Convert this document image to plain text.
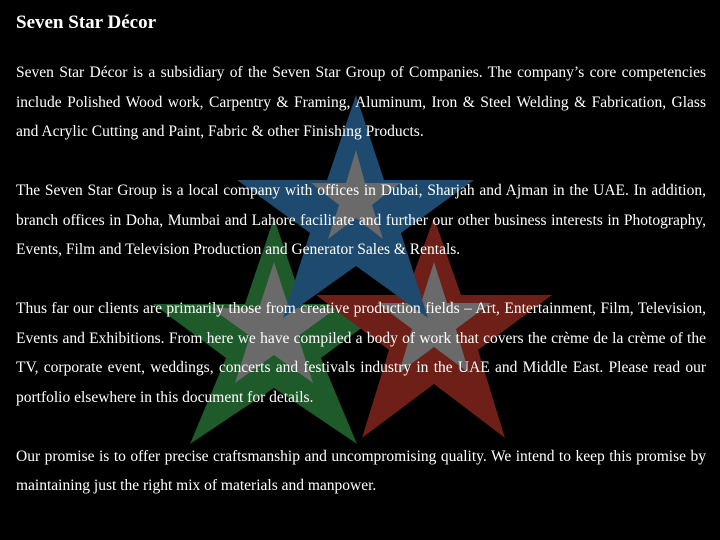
Seven Star Décor

Seven Star Décor is a subsidiary of the Seven Star Group of Companies. The company’s core competencies include Polished Wood work, Carpentry & Framing, Aluminum, Iron & Steel Welding & Fabrication, Glass and Acrylic Cutting and Paint, Fabric & other Finishing Products.

The Seven Star Group is a local company with offices in Dubai, Sharjah and Ajman in the UAE. In addition, branch offices in Doha, Mumbai and Lahore facilitate and further our other business interests in Photography, Events, Film and Television Production and Generator Sales & Rentals.

Thus far our clients are primarily those from creative production fields – Art, Entertainment, Film, Television, Events and Exhibitions. From here we have compiled a body of work that covers the crème de la crème of the TV, corporate event, weddings, concerts and festivals industry in the UAE and Middle East. Please read our portfolio elsewhere in this document for details.

Our promise is to offer precise craftsmanship and uncompromising quality. We intend to keep this promise by maintaining just the right mix of materials and manpower.
